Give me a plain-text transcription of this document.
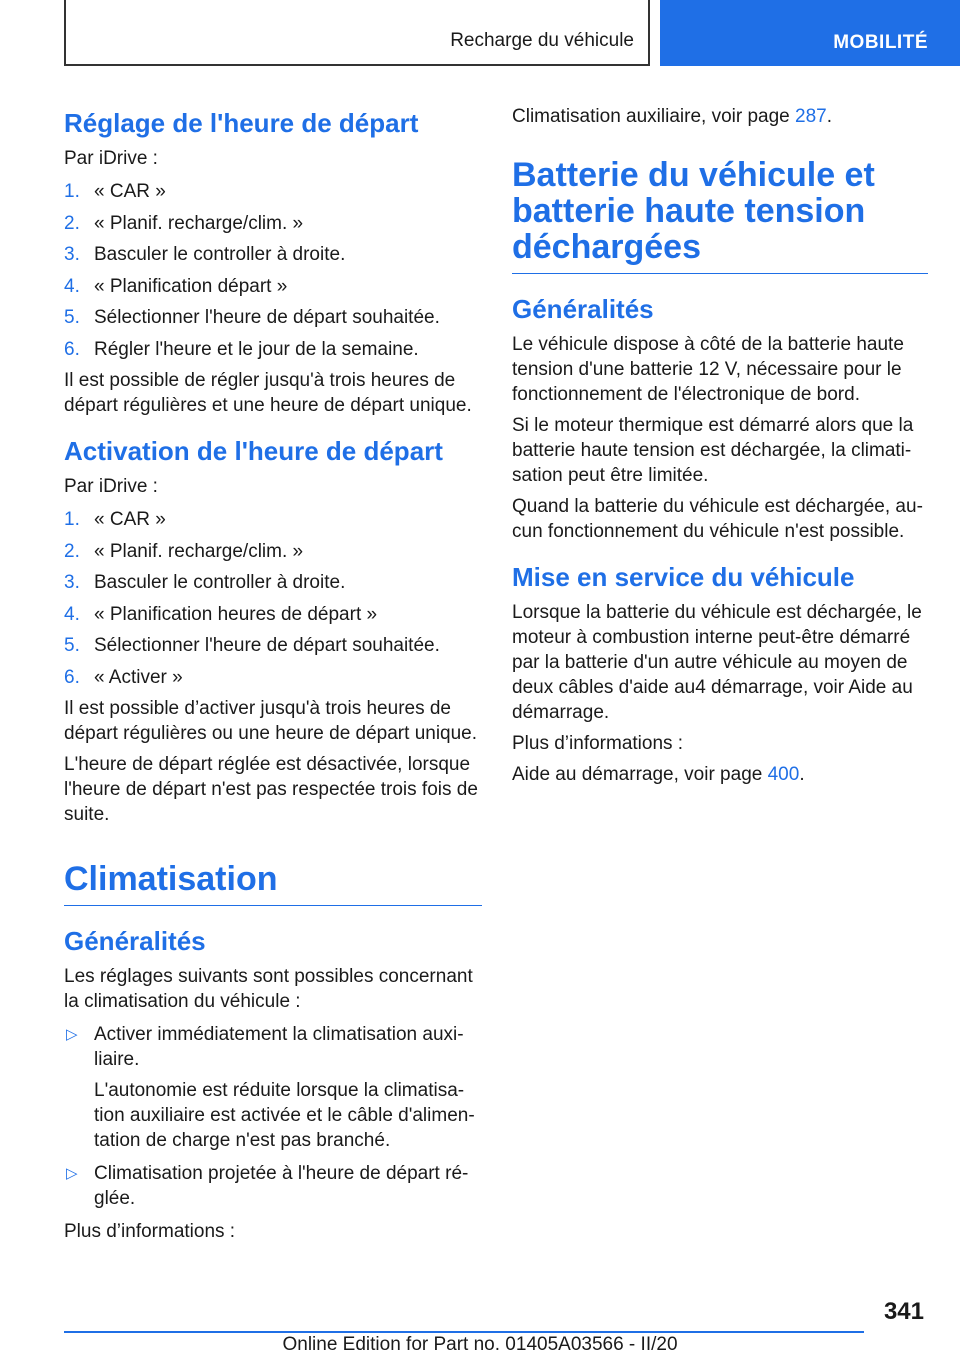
Recharge du véhicule	MOBILITÉ
Réglage de l'heure de départ

Par iDrive :

1. « CAR »
2. « Planif. recharge/clim. »
3. Basculer le controller à droite.
4. « Planification départ »
5. Sélectionner l'heure de départ souhaitée.
6. Régler l'heure et le jour de la semaine.

Il est possible de régler jusqu'à trois heures de départ régulières et une heure de départ unique.

Activation de l'heure de départ

Par iDrive :

1. « CAR »
2. « Planif. recharge/clim. »
3. Basculer le controller à droite.
4. « Planification heures de départ »
5. Sélectionner l'heure de départ souhaitée.
6. « Activer »

Il est possible d’activer jusqu'à trois heures de départ régulières ou une heure de départ unique.

L'heure de départ réglée est désactivée, lorsque l'heure de départ n'est pas respectée trois fois de suite.

Climatisation
Généralités

Les réglages suivants sont possibles concernant la climatisation du véhicule :

▷ Activer immédiatement la climatisation auxiliaire.

L'autonomie est réduite lorsque la climatisation auxiliaire est activée et le câble d'alimentation de charge n'est pas branché.

▷ Climatisation projetée à l'heure de départ réglée.

Plus d’informations :

Climatisation auxiliaire, voir page 287.

Batterie du véhicule et batterie haute tension déchargées
Généralités

Le véhicule dispose à côté de la batterie haute tension d'une batterie 12 V, nécessaire pour le fonctionnement de l'électronique de bord.

Si le moteur thermique est démarré alors que la batterie haute tension est déchargée, la climatisation peut être limitée.

Quand la batterie du véhicule est déchargée, aucun fonctionnement du véhicule n'est possible.

Mise en service du véhicule

Lorsque la batterie du véhicule est déchargée, le moteur à combustion interne peut-être démarré par la batterie d'un autre véhicule au moyen de deux câbles d'aide au4 démarrage, voir Aide au démarrage.

Plus d’informations :

Aide au démarrage, voir page 400.

341
Online Edition for Part no. 01405A03566 - II/20
